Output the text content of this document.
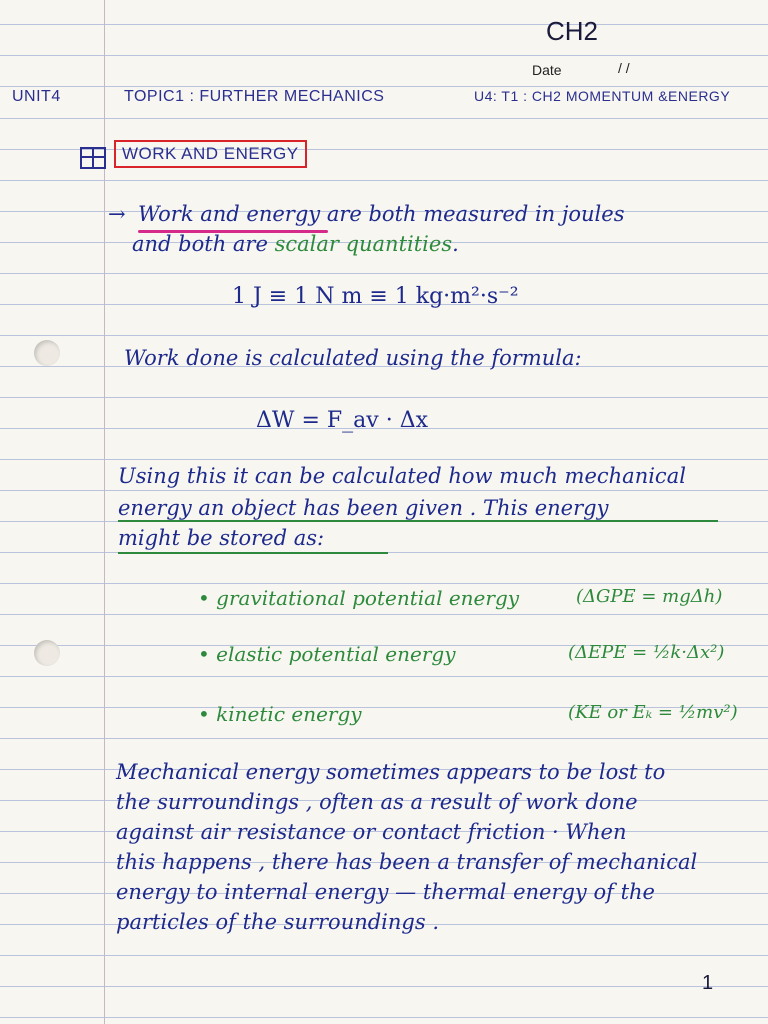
CH2
Date	/ /
UNIT4	TOPIC1 : FURTHER MECHANICS	U4: T1 : CH2 MOMENTUM &ENERGY
WORK AND ENERGY
→ Work and energy are both measured in joules
and both are scalar quantities.
1 J ≡ 1 N m ≡ 1 kg·m²·s⁻²
Work done is calculated using the formula:
ΔW = F_av · Δx
Using this it can be calculated how much mechanical
energy an object has been given . This energy
might be stored as:
• gravitational potential energy	(ΔGPE = mgΔh)
• elastic potential energy	(ΔEPE = ½k·Δx²)
• kinetic energy	(KE or Eₖ = ½mv²)
Mechanical energy sometimes appears to be lost to
the surroundings , often as a result of work done
against air resistance or contact friction · When
this happens , there has been a transfer of mechanical
energy to internal energy — thermal energy of the
particles of the surroundings .
1
